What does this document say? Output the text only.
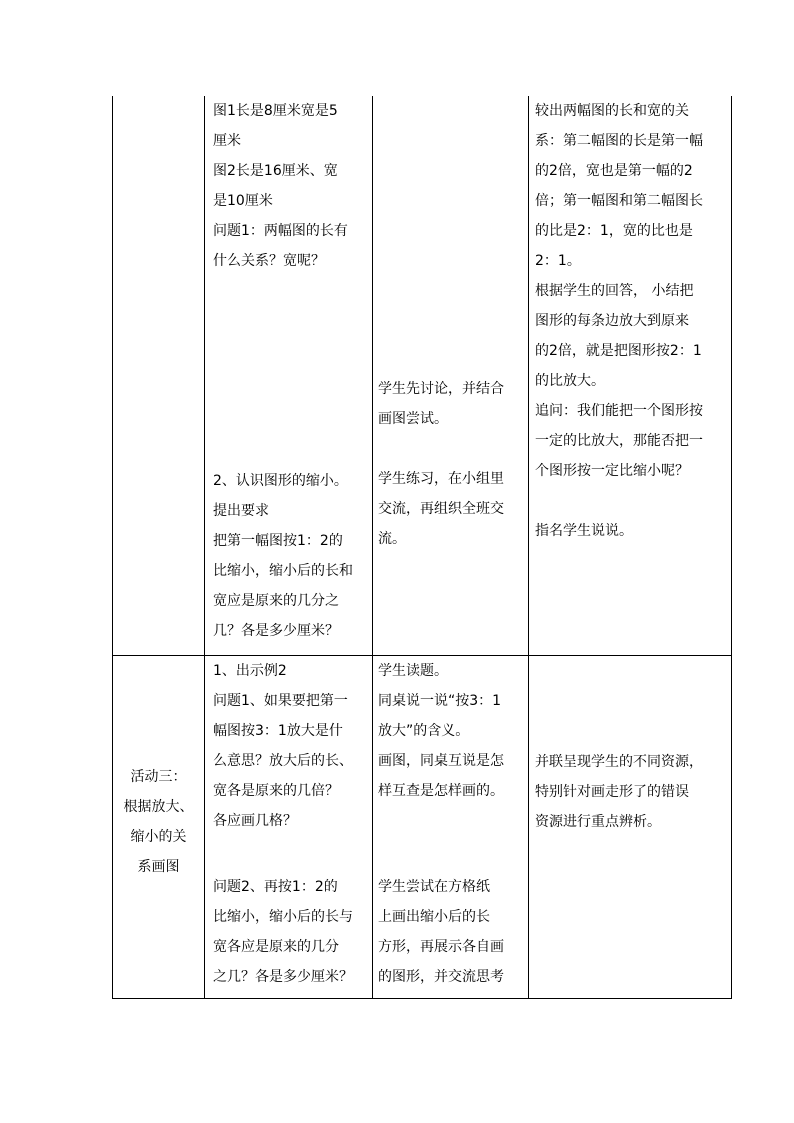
图1长是8厘米宽是5

厘米

图2长是16厘米、宽

是10厘米

问题1：两幅图的长有

什么关系？宽呢？

2、认识图形的缩小。

提出要求

把第一幅图按1：2的

比缩小，缩小后的长和

宽应是原来的几分之

几？各是多少厘米？

学生先讨论，并结合

画图尝试。

学生练习，在小组里

交流，再组织全班交

流。

较出两幅图的长和宽的关

系：第二幅图的长是第一幅

的2倍，宽也是第一幅的2

倍；第一幅图和第二幅图长

的比是2：1，宽的比也是

2：1。

根据学生的回答， 小结把

图形的每条边放大到原来

的2倍，就是把图形按2：1

的比放大。

追问：我们能把一个图形按

一定的比放大，那能否把一

个图形按一定比缩小呢？

指名学生说说。

活动三：

根据放大、

缩小的关

系画图

1、出示例2

问题1、如果要把第一

幅图按3：1放大是什

么意思？放大后的长、

宽各是原来的几倍？

各应画几格？

问题2、再按1：2的

比缩小，缩小后的长与

宽各应是原来的几分

之几？各是多少厘米？

学生读题。

同桌说一说“按3：1

放大”的含义。

画图，同桌互说是怎

样互查是怎样画的。

学生尝试在方格纸

上画出缩小后的长

方形，再展示各自画

的图形，并交流思考

并联呈现学生的不同资源，

特别针对画走形了的错误

资源进行重点辨析。
